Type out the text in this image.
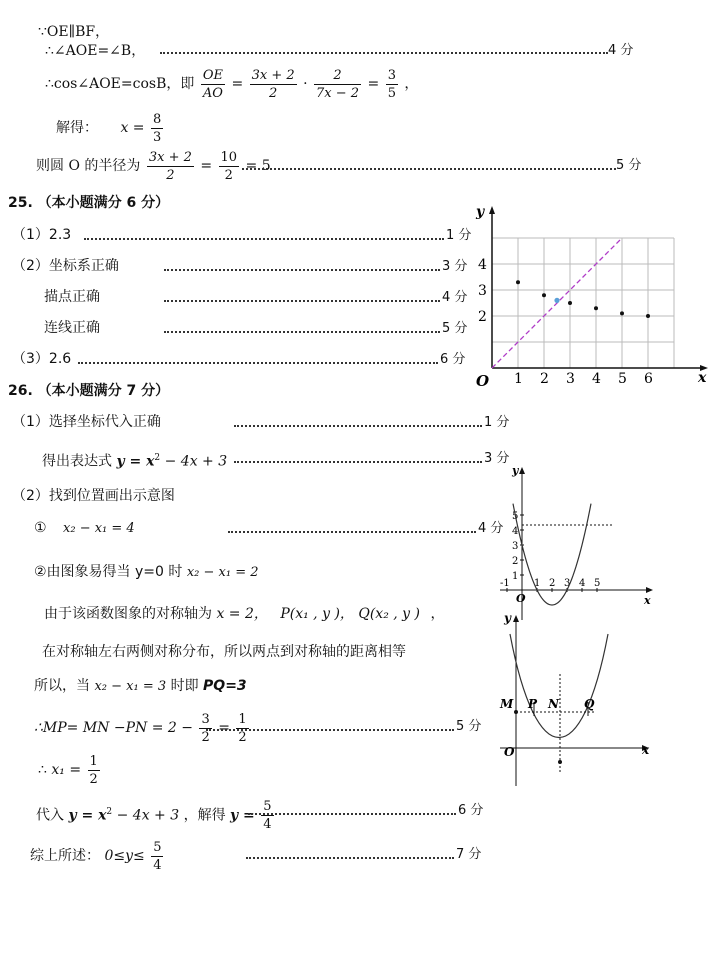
∵OE∥BF，
∴∠AOE=∠B，	4 分
∴cos∠AOE=cosB，即 $\frac{OE}{AO} = \frac{3x + 2}{2} \cdot \frac{2}{7x - 2} = \frac{3}{5}$ ，
解得： $x = \frac{8}{3}$
则圆 O 的半径为 $\frac{3x + 2}{2} = \frac{10}{2} = 5$	5 分
25. （本小题满分 6 分）
（1）2.3	1 分
（2）坐标系正确	3 分
描点正确	4 分
连线正确	5 分
（3）2.6	6 分
x
y
O 1 2 3 4 5 6
2
3
4
26. （本小题满分 7 分）
（1）选择坐标代入正确	1 分
得出表达式 $y = x^2 - 4x + 3$	3 分
（2）找到位置画出示意图
① x₂ − x₁ = 4	4 分
②由图象易得当 y=0 时 x₂ − x₁ = 2
由于该函数图象的对称轴为 x = 2， P(x₁ , y )， Q(x₂ , y ) ，
在对称轴左右两侧对称分布，所以两点到对称轴的距离相等
所以，当 x₂ − x₁ = 3 时即 PQ=3
∴MP= MN $-PN = 2 - \frac{3}{2} = \frac{1}{2}$	5 分
∴ $x_1 = \frac{1}{2}$
代入 $y = x^2 - 4x + 3$ ，解得 $y = \frac{5}{4}$	6 分
综上所述： $0\le y\le \frac{5}{4}$	7 分
x
y
O
-1 1 2 3 4 5
1
2
3
4
5
x
y
O
M P N Q
